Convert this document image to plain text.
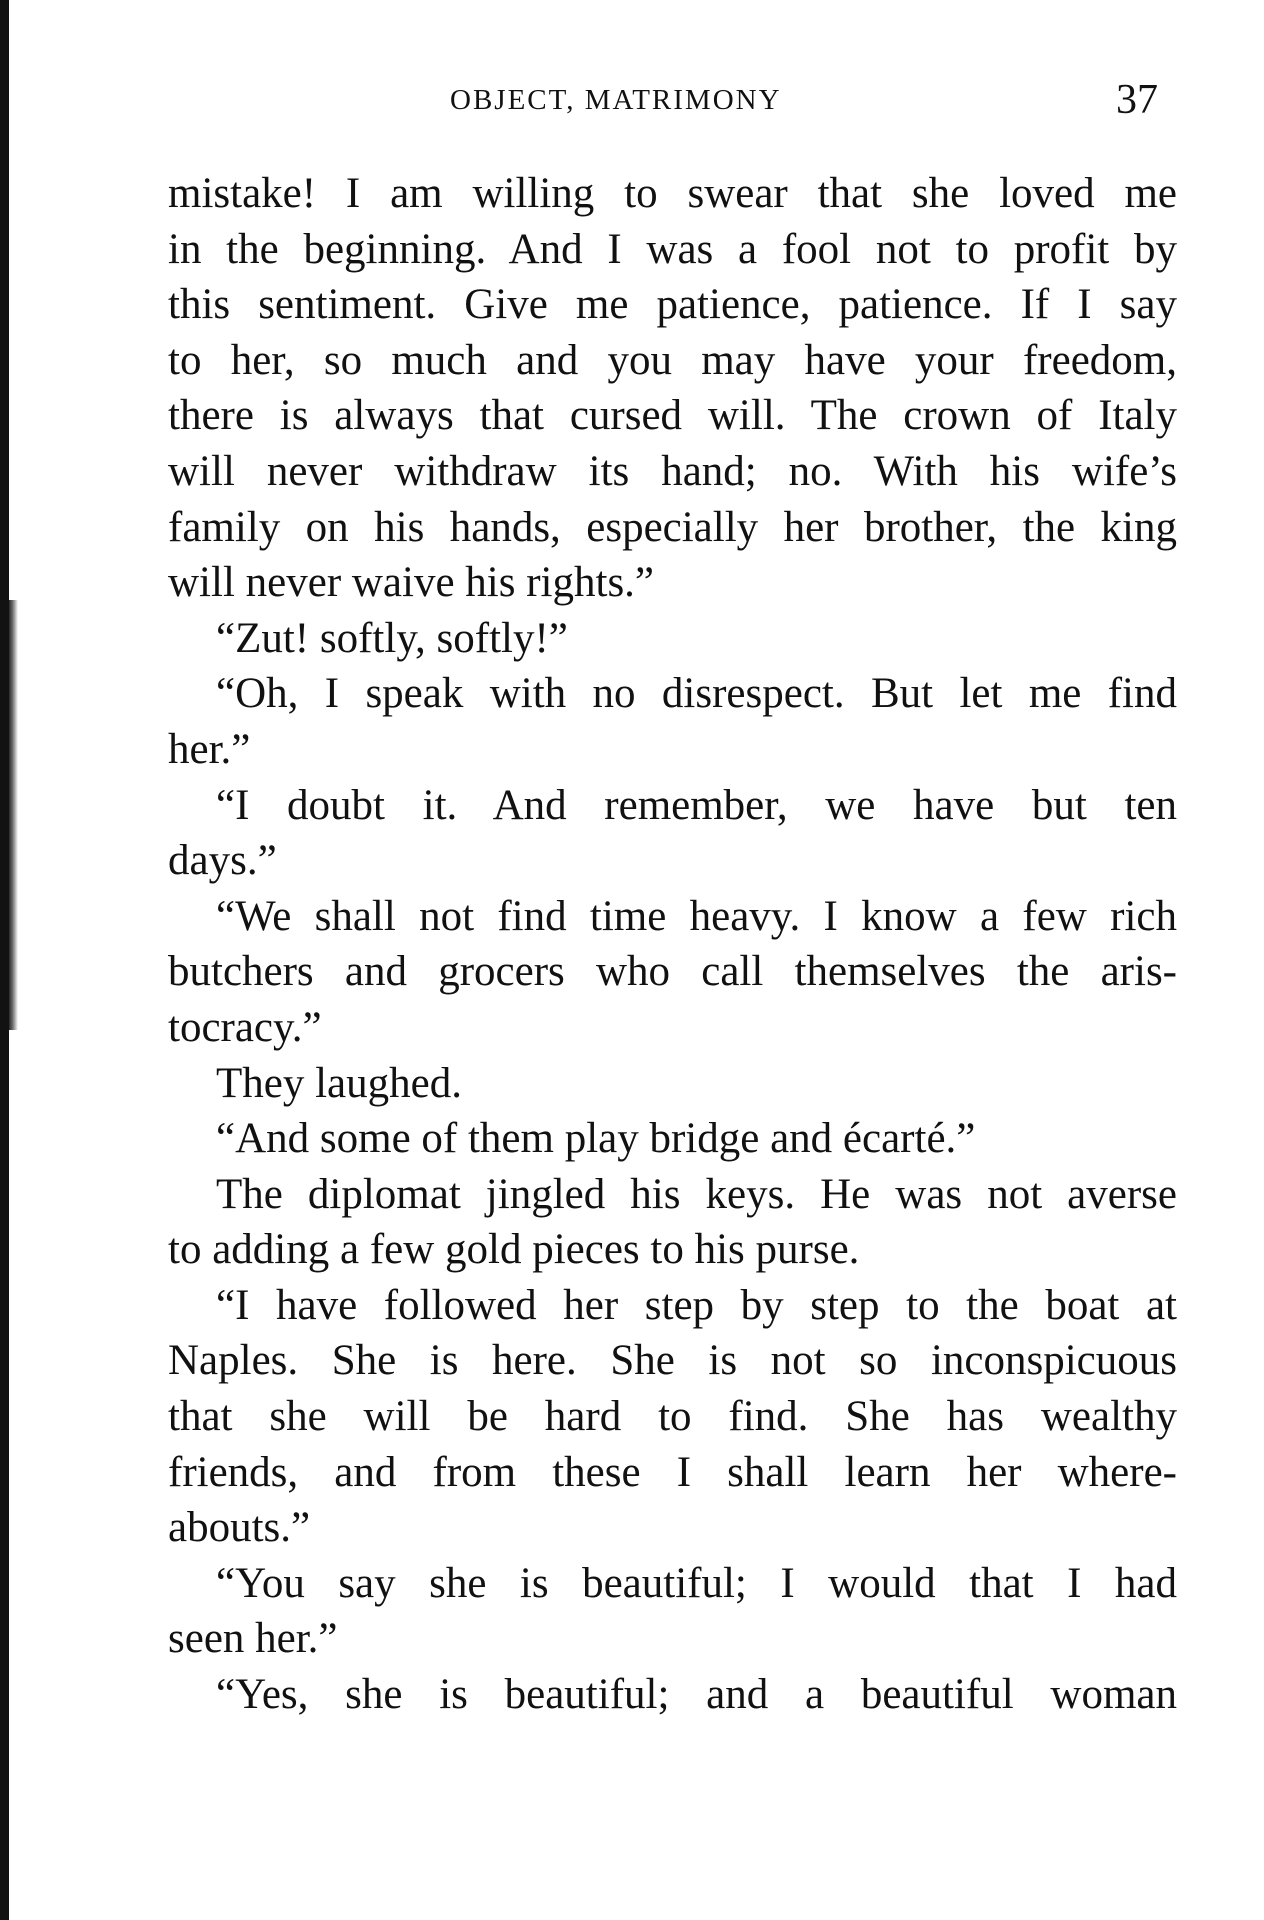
OBJECT, MATRIMONY	37
mistake! I am willing to swear that she loved me
in the beginning. And I was a fool not to profit by
this sentiment. Give me patience, patience. If I say
to her, so much and you may have your freedom,
there is always that cursed will. The crown of Italy
will never withdraw its hand; no. With his wife’s
family on his hands, especially her brother, the king
will never waive his rights.”
“Zut! softly, softly!”
“Oh, I speak with no disrespect. But let me find
her.”
“I doubt it. And remember, we have but ten
days.”
“We shall not find time heavy. I know a few rich
butchers and grocers who call themselves the aris-
tocracy.”
They laughed.
“And some of them play bridge and écarté.”
The diplomat jingled his keys. He was not averse
to adding a few gold pieces to his purse.
“I have followed her step by step to the boat at
Naples. She is here. She is not so inconspicuous
that she will be hard to find. She has wealthy
friends, and from these I shall learn her where-
abouts.”
“You say she is beautiful; I would that I had
seen her.”
“Yes, she is beautiful; and a beautiful woman
